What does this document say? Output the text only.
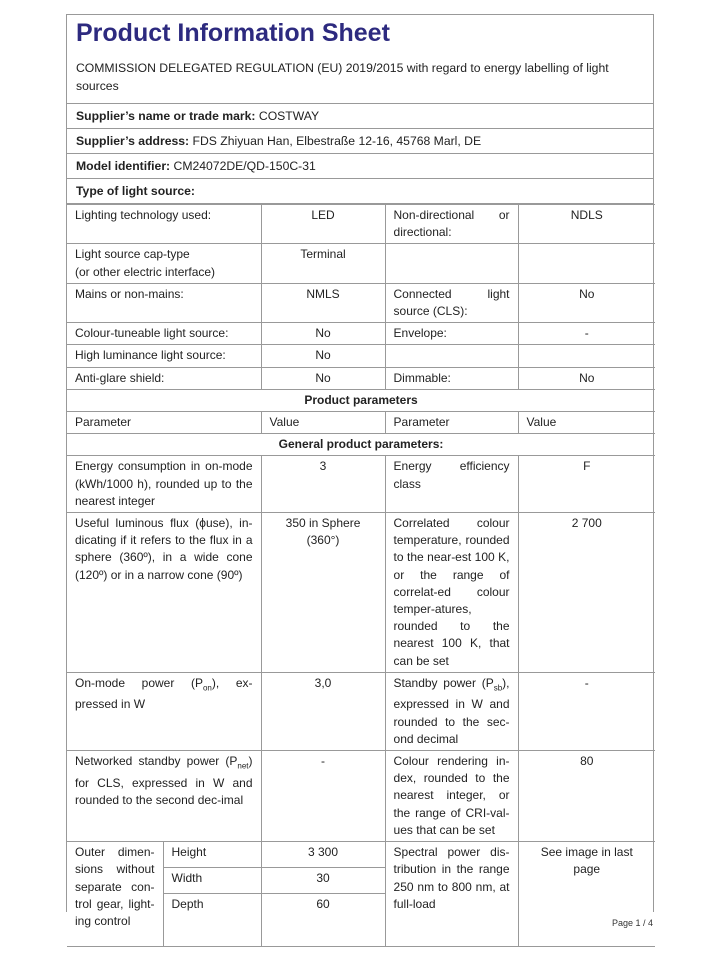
Product Information Sheet
COMMISSION DELEGATED REGULATION (EU) 2019/2015 with regard to energy labelling of light sources
Supplier’s name or trade mark: COSTWAY
Supplier’s address: FDS Zhiyuan Han, Elbestraße 12-16, 45768 Marl, DE
Model identifier: CM24072DE/QD-150C-31
Type of light source:
Lighting technology used:		LED	Non-directional or directional:	NDLS

Light source cap-type
(or other electric interface)		Terminal		
Mains or non-mains:		NMLS	Connected light source (CLS):	No
Colour-tuneable light source:		No	Envelope:	-
High luminance light source:		No		
Anti-glare shield:		No	Dimmable:	No
Product parameters				
Parameter		Value	Parameter	Value
General product parameters:				
Energy consumption in on-mode (kWh/1000 h), rounded up to the nearest integer		3	Energy efficiency class	F
Useful luminous flux (ϕuse), in-dicating if it refers to the flux in a sphere (360º), in a wide cone (120º) or in a narrow cone (90º)		350 in Sphere (360°)	Correlated colour temperature, rounded to the near-est 100 K, or the range of correlat-ed colour temper-atures, rounded to the nearest 100 K, that can be set	2 700
On-mode power $(P_{on})$, ex-pressed in W		3,0	Standby power $(P_{sb})$, expressed in W and rounded to the sec-ond decimal	-
Networked standby power $(P_{net})$ for CLS, expressed in W and rounded to the second dec-imal		-	Colour rendering in-dex, rounded to the nearest integer, or the range of CRI-val-ues that can be set	80
Outer dimen-sions without separate con-trol gear, light-ing control	Height	3 300	Spectral power dis-tribution in the range 250 nm to 800 nm, at full-load	See image in last page
	Width	30		
	Depth	60		
Page 1 / 4
